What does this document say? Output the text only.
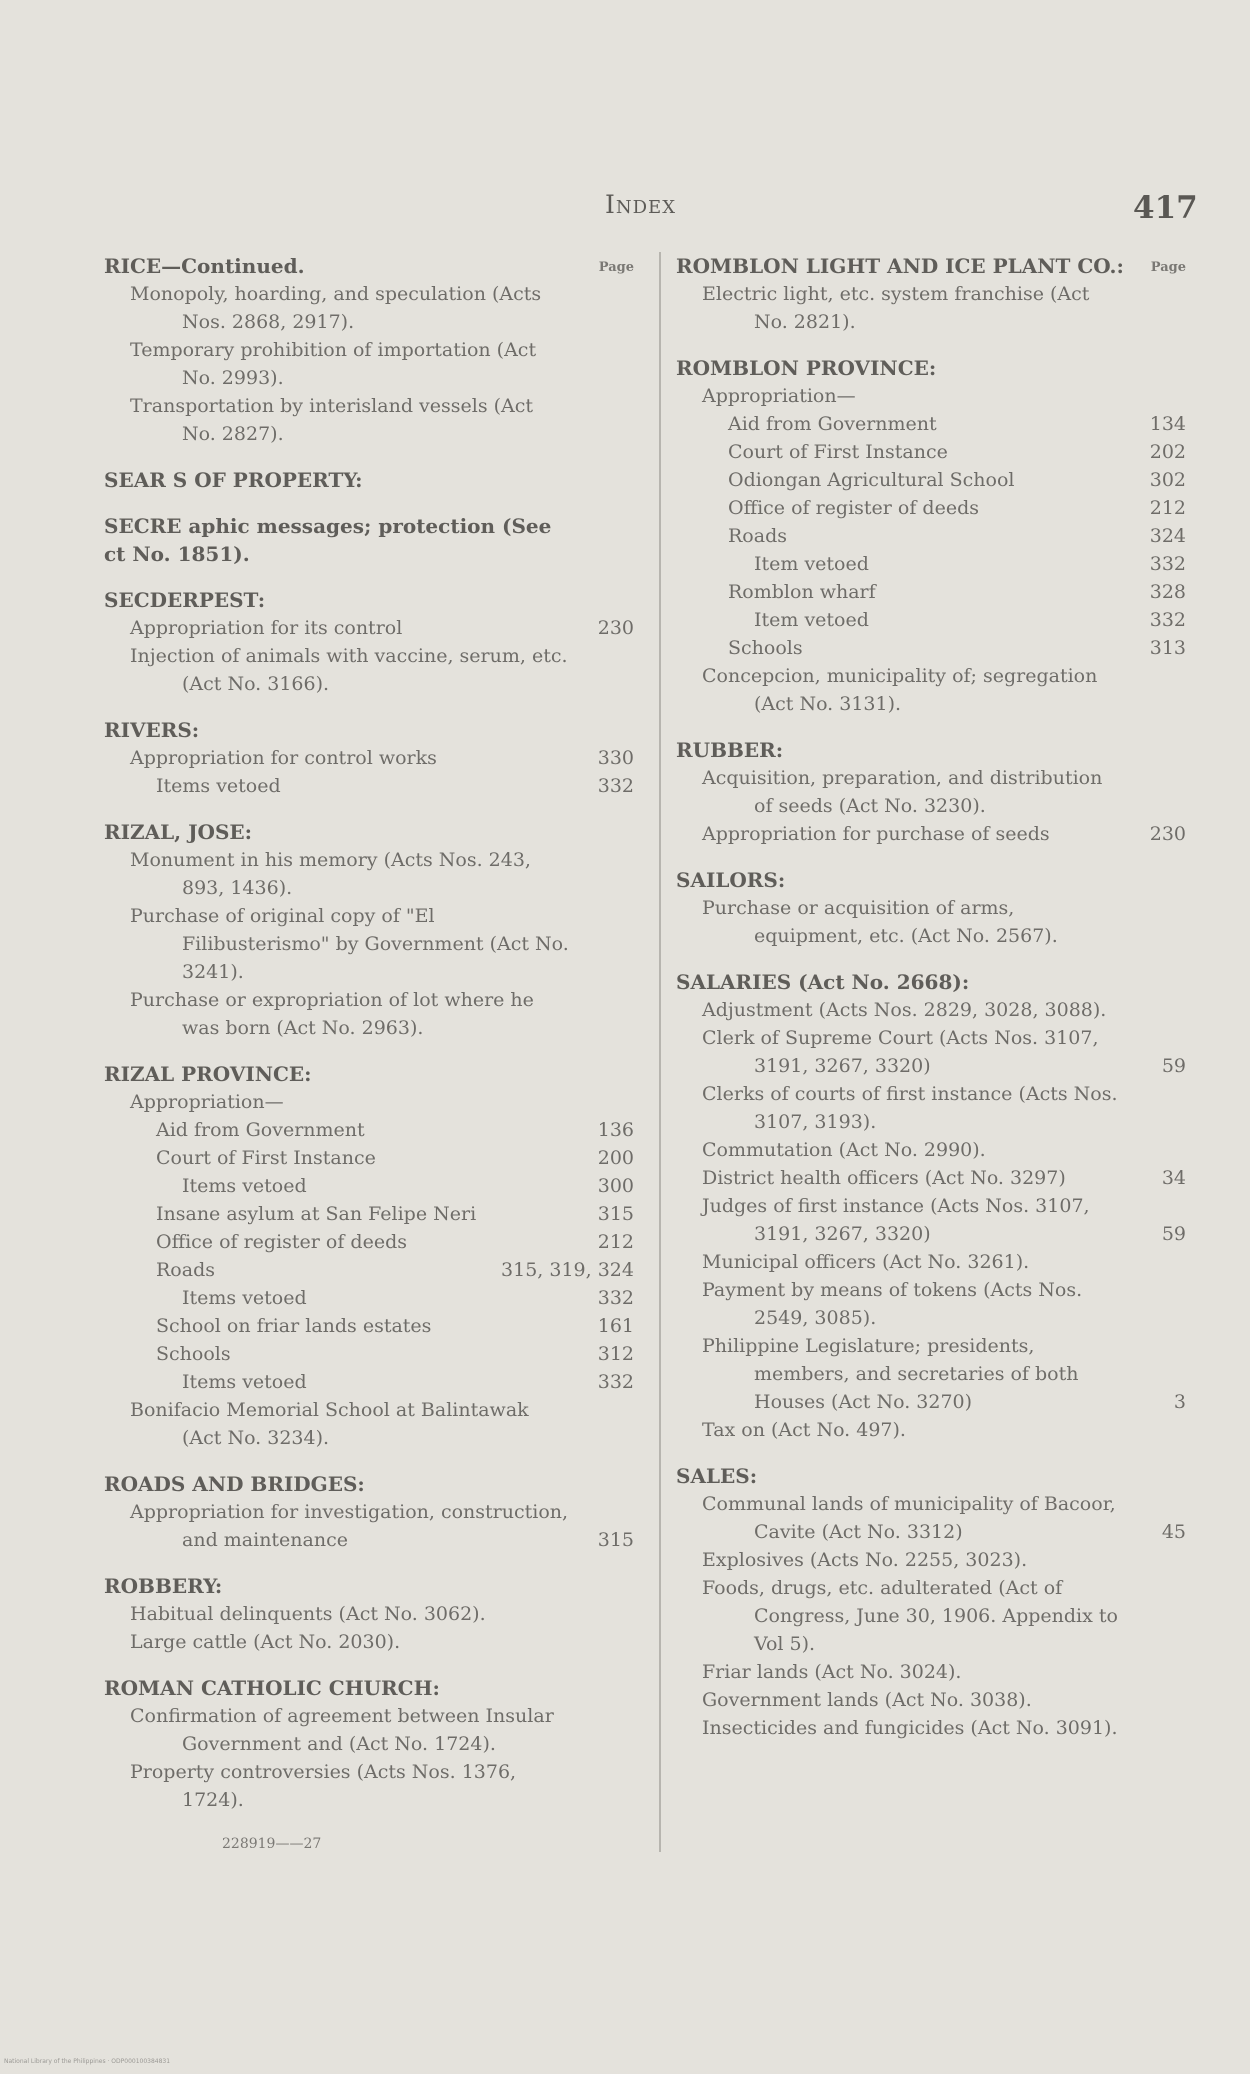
Index	417
RICE—Continued.	Page
Monopoly, hoarding, and speculation (Acts Nos. 2868, 2917).
Temporary prohibition of importation (Act No. 2993).
Transportation by interisland vessels (Act No. 2827).
SEAR S OF PROPERTY:
SECRE aphic messages; protection (See ct No. 1851).
SECDERPEST:
Appropriation for its control	230
Injection of animals with vaccine, serum, etc. (Act No. 3166).
RIVERS:
Appropriation for control works	330
Items vetoed	332
RIZAL, JOSE:
Monument in his memory (Acts Nos. 243, 893, 1436).
Purchase of original copy of "El Filibusterismo" by Government (Act No. 3241).
Purchase or expropriation of lot where he was born (Act No. 2963).
RIZAL PROVINCE:
Appropriation—
Aid from Government	136
Court of First Instance	200
Items vetoed	300
Insane asylum at San Felipe Neri	315
Office of register of deeds	212
Roads	315, 319, 324
Items vetoed	332
School on friar lands estates	161
Schools	312
Items vetoed	332
Bonifacio Memorial School at Balintawak (Act No. 3234).
ROADS AND BRIDGES:
Appropriation for investigation, construction, and maintenance	315
ROBBERY:
Habitual delinquents (Act No. 3062).
Large cattle (Act No. 2030).
ROMAN CATHOLIC CHURCH:
Confirmation of agreement between Insular Government and (Act No. 1724).
Property controversies (Acts Nos. 1376, 1724).
228919——27
ROMBLON LIGHT AND ICE PLANT CO.: Page
Electric light, etc. system franchise (Act No. 2821).
ROMBLON PROVINCE:
Appropriation—
Aid from Government	134
Court of First Instance	202
Odiongan Agricultural School	302
Office of register of deeds	212
Roads	324
Item vetoed	332
Romblon wharf	328
Item vetoed	332
Schools	313
Concepcion, municipality of; segregation (Act No. 3131).
RUBBER:
Acquisition, preparation, and distribution of seeds (Act No. 3230).
Appropriation for purchase of seeds	230
SAILORS:
Purchase or acquisition of arms, equipment, etc. (Act No. 2567).
SALARIES (Act No. 2668):
Adjustment (Acts Nos. 2829, 3028, 3088).
Clerk of Supreme Court (Acts Nos. 3107, 3191, 3267, 3320)	59
Clerks of courts of first instance (Acts Nos. 3107, 3193).
Commutation (Act No. 2990).
District health officers (Act No. 3297)	34
Judges of first instance (Acts Nos. 3107, 3191, 3267, 3320)	59
Municipal officers (Act No. 3261).
Payment by means of tokens (Acts Nos. 2549, 3085).
Philippine Legislature; presidents, members, and secretaries of both Houses (Act No. 3270)	3
Tax on (Act No. 497).
SALES:
Communal lands of municipality of Bacoor, Cavite (Act No. 3312)	45
Explosives (Acts No. 2255, 3023).
Foods, drugs, etc. adulterated (Act of Congress, June 30, 1906. Appendix to Vol 5).
Friar lands (Act No. 3024).
Government lands (Act No. 3038).
Insecticides and fungicides (Act No. 3091).
National Library of the Philippines · ODP000100384831
